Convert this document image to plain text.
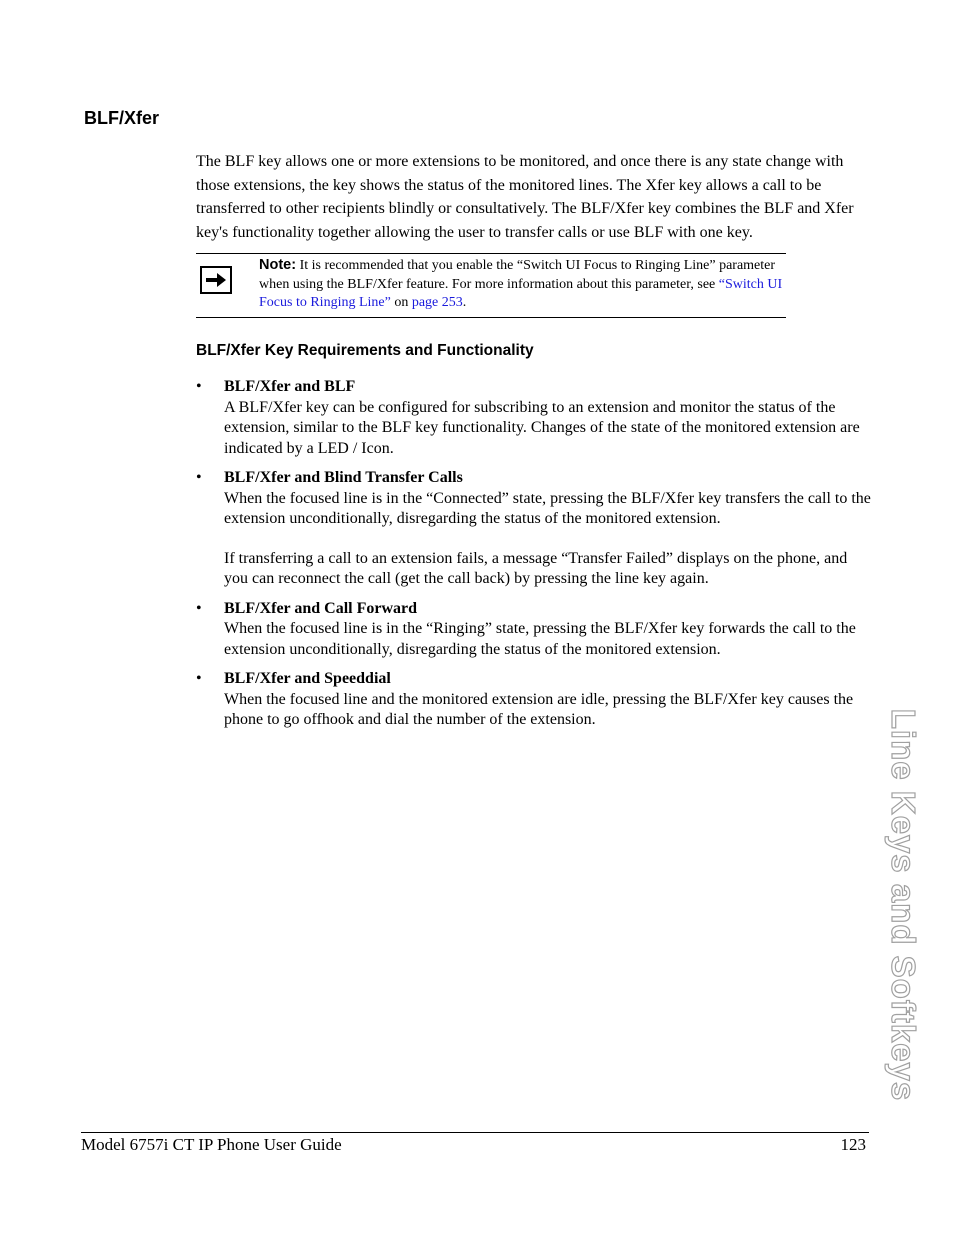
BLF/Xfer

The BLF key allows one or more extensions to be monitored, and once there is any state change with those extensions, the key shows the status of the monitored lines. The Xfer key allows a call to be transferred to other recipients blindly or consultatively. The BLF/Xfer key combines the BLF and Xfer key's functionality together allowing the user to transfer calls or use BLF with one key.

Note: It is recommended that you enable the “Switch UI Focus to Ringing Line” parameter when using the BLF/Xfer feature. For more information about this parameter, see “Switch UI Focus to Ringing Line” on page 253.

BLF/Xfer Key Requirements and Functionality
• BLF/Xfer and BLF
A BLF/Xfer key can be configured for subscribing to an extension and monitor the status of the extension, similar to the BLF key functionality. Changes of the state of the monitored extension are indicated by a LED / Icon.
• BLF/Xfer and Blind Transfer Calls
When the focused line is in the “Connected” state, pressing the BLF/Xfer key transfers the call to the extension unconditionally, disregarding the status of the monitored extension.
If transferring a call to an extension fails, a message “Transfer Failed” displays on the phone, and you can reconnect the call (get the call back) by pressing the line key again.
• BLF/Xfer and Call Forward
When the focused line is in the “Ringing” state, pressing the BLF/Xfer key forwards the call to the extension unconditionally, disregarding the status of the monitored extension.
• BLF/Xfer and Speeddial
When the focused line and the monitored extension are idle, pressing the BLF/Xfer key causes the phone to go offhook and dial the number of the extension.	Line Keys and Softkeys
Model 6757i CT IP Phone User Guide	123
